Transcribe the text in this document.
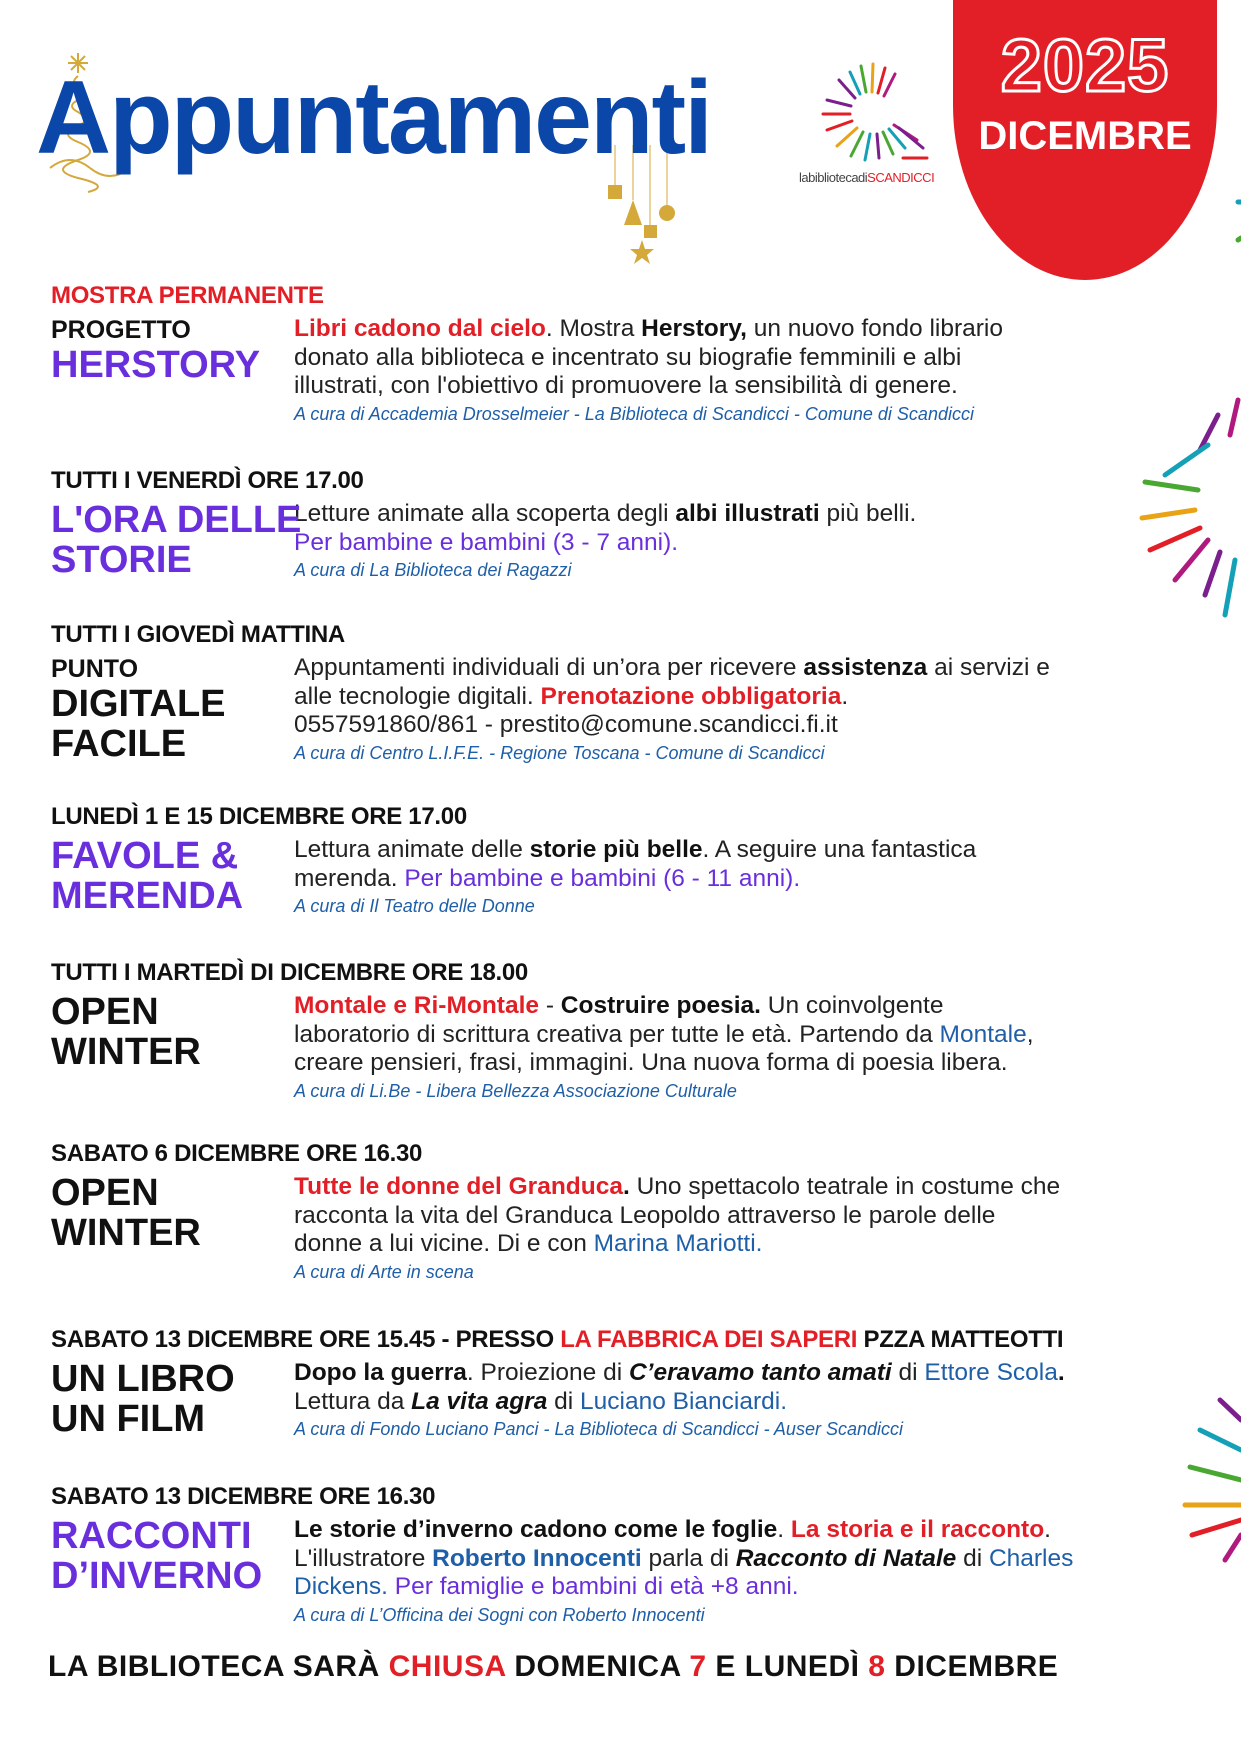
Appuntamenti
labibliotecadiSCANDICCI
2025
DICEMBRE
MOSTRA PERMANENTE
PROGETTO
HERSTORY
Libri cadono dal cielo. Mostra Herstory, un nuovo fondo librario
donato alla biblioteca e incentrato su biografie femminili e albi
illustrati, con l'obiettivo di promuovere la sensibilità di genere.
A cura di Accademia Drosselmeier - La Biblioteca di Scandicci - Comune di Scandicci
TUTTI I VENERDÌ ORE 17.00
L'ORA DELLE
STORIE
Letture animate alla scoperta degli albi illustrati più belli.
Per bambine e bambini (3 - 7 anni).
A cura di La Biblioteca dei Ragazzi
TUTTI I GIOVEDÌ MATTINA
PUNTO
DIGITALE
FACILE
Appuntamenti individuali di un’ora per ricevere assistenza ai servizi e
alle tecnologie digitali. Prenotazione obbligatoria.
0557591860/861 - prestito@comune.scandicci.fi.it
A cura di Centro L.I.F.E. - Regione Toscana - Comune di Scandicci
LUNEDÌ 1 E 15 DICEMBRE ORE 17.00
FAVOLE &
MERENDA
Lettura animate delle storie più belle. A seguire una fantastica
merenda. Per bambine e bambini (6 - 11 anni).
A cura di Il Teatro delle Donne
TUTTI I MARTEDÌ DI DICEMBRE ORE 18.00
OPEN
WINTER
Montale e Ri-Montale - Costruire poesia. Un coinvolgente
laboratorio di scrittura creativa per tutte le età. Partendo da Montale,
creare pensieri, frasi, immagini. Una nuova forma di poesia libera.
A cura di Li.Be - Libera Bellezza Associazione Culturale
SABATO 6 DICEMBRE ORE 16.30
OPEN
WINTER
Tutte le donne del Granduca. Uno spettacolo teatrale in costume che
racconta la vita del Granduca Leopoldo attraverso le parole delle
donne a lui vicine. Di e con Marina Mariotti.
A cura di Arte in scena
SABATO 13 DICEMBRE ORE 15.45 - PRESSO LA FABBRICA DEI SAPERI PZZA MATTEOTTI
UN LIBRO
UN FILM
Dopo la guerra. Proiezione di C’eravamo tanto amati di Ettore Scola.
Lettura da La vita agra di Luciano Bianciardi.
A cura di Fondo Luciano Panci - La Biblioteca di Scandicci - Auser Scandicci
SABATO 13 DICEMBRE ORE 16.30
RACCONTI
D’INVERNO
Le storie d’inverno cadono come le foglie. La storia e il racconto.
L'illustratore Roberto Innocenti parla di Racconto di Natale di Charles
Dickens. Per famiglie e bambini di età +8 anni.
A cura di L’Officina dei Sogni con Roberto Innocenti
LA BIBLIOTECA SARÀ CHIUSA DOMENICA 7 E LUNEDÌ 8 DICEMBRE
